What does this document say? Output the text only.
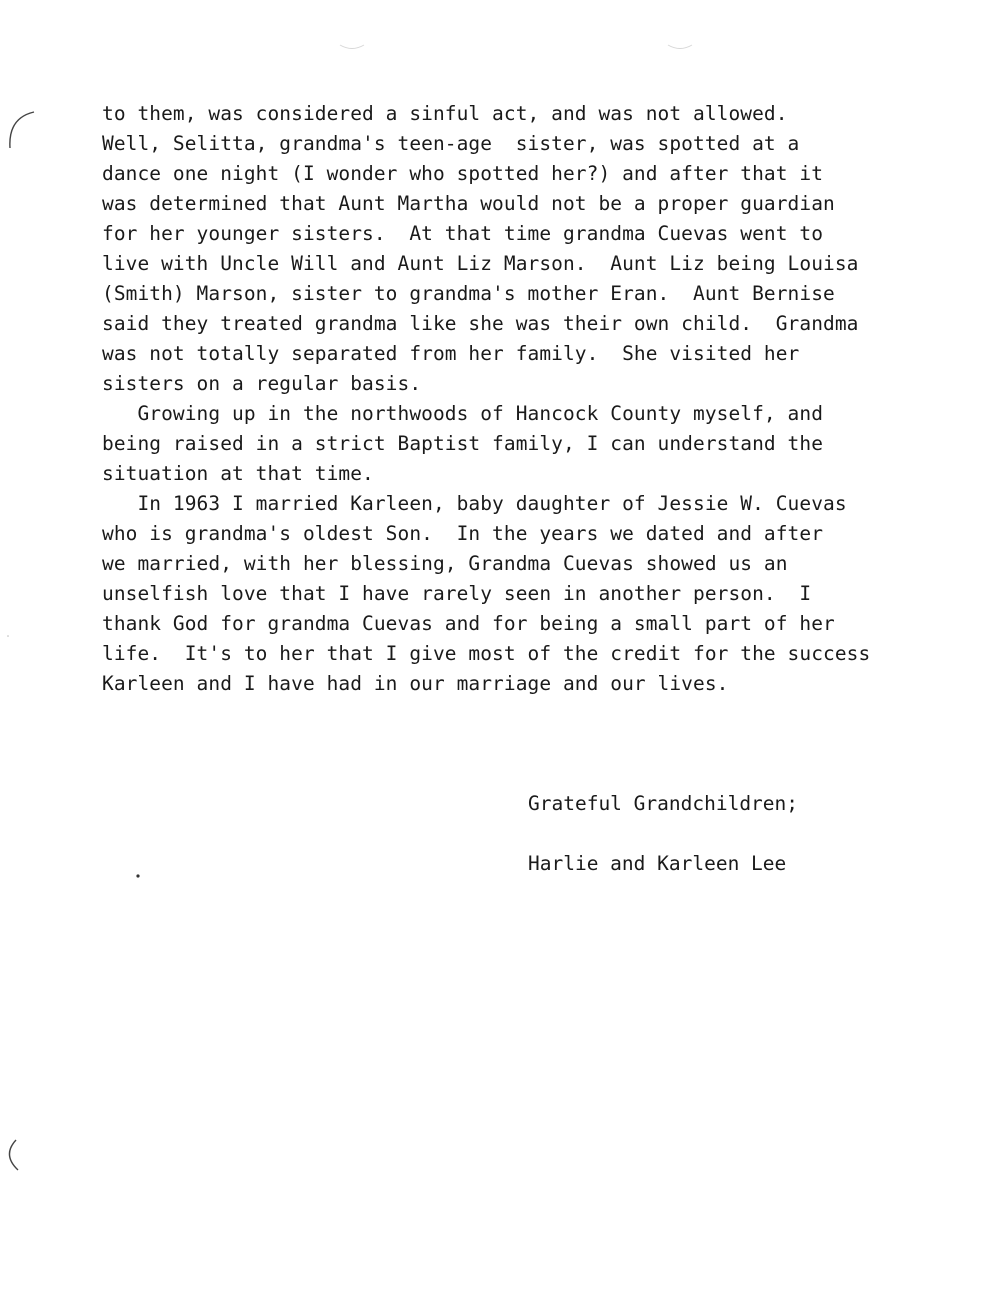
to them, was considered a sinful act, and was not allowed.
Well, Selitta, grandma's teen-age  sister, was spotted at a
dance one night (I wonder who spotted her?) and after that it
was determined that Aunt Martha would not be a proper guardian
for her younger sisters.  At that time grandma Cuevas went to
live with Uncle Will and Aunt Liz Marson.  Aunt Liz being Louisa
(Smith) Marson, sister to grandma's mother Eran.  Aunt Bernise
said they treated grandma like she was their own child.  Grandma
was not totally separated from her family.  She visited her
sisters on a regular basis.
Growing up in the northwoods of Hancock County myself, and
being raised in a strict Baptist family, I can understand the
situation at that time.
In 1963 I married Karleen, baby daughter of Jessie W. Cuevas
who is grandma's oldest Son.  In the years we dated and after
we married, with her blessing, Grandma Cuevas showed us an
unselfish love that I have rarely seen in another person.  I
thank God for grandma Cuevas and for being a small part of her
life.  It's to her that I give most of the credit for the success
Karleen and I have had in our marriage and our lives.
Grateful Grandchildren;
Harlie and Karleen Lee
